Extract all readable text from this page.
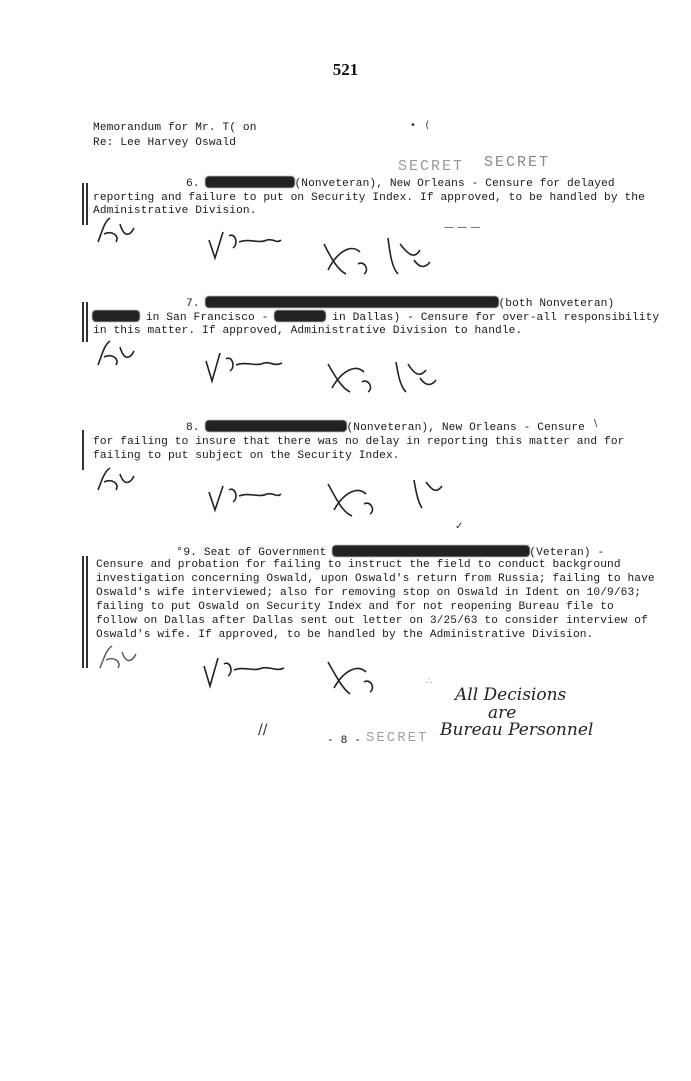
521
Memorandum for Mr. T( on	•   (
Re: Lee Harvey Oswald
SECRET SECRET
6.	(Nonveteran), New Orleans - Censure for delayed
reporting and failure to put on Security Index. If approved, to be handled by the
Administrative Division.
— — —
7.	(both Nonveteran)
in San Francisco -	in Dallas) - Censure for over-all responsibility
in this matter. If approved, Administrative Division to handle.
8.	(Nonveteran), New Orleans - Censure
for failing to insure that there was no delay in reporting this matter and for
failing to put subject on the Security Index.
\
✓
°9. Seat of Government	(Veteran) -
Censure and probation for failing to instruct the field to conduct background
investigation concerning Oswald, upon Oswald's return from Russia; failing to have
Oswald's wife interviewed; also for removing stop on Oswald in Ident on 10/9/63;
failing to put Oswald on Security Index and for not reopening Bureau file to
follow on Dallas after Dallas sent out letter on 3/25/63 to consider interview of
Oswald's wife. If approved, to be handled by the Administrative Division.
All Decisions
are
Bureau Personnel
∴
//
- 8 - SECRET
